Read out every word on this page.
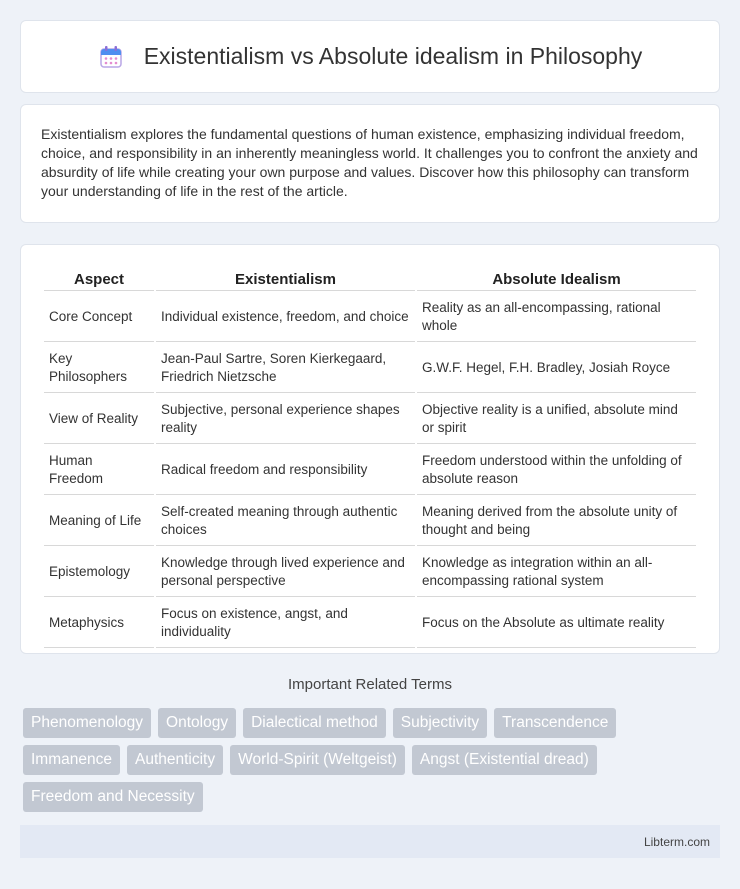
Existentialism vs Absolute idealism in Philosophy

Existentialism explores the fundamental questions of human existence, emphasizing individual freedom, choice, and responsibility in an inherently meaningless world. It challenges you to confront the anxiety and absurdity of life while creating your own purpose and values. Discover how this philosophy can transform your understanding of life in the rest of the article.

Aspect	Existentialism	Absolute Idealism
Core Concept	Individual existence, freedom, and choice	Reality as an all-encompassing, rational whole
Key Philosophers	Jean-Paul Sartre, Soren Kierkegaard, Friedrich Nietzsche	G.W.F. Hegel, F.H. Bradley, Josiah Royce
View of Reality	Subjective, personal experience shapes reality	Objective reality is a unified, absolute mind or spirit
Human Freedom	Radical freedom and responsibility	Freedom understood within the unfolding of absolute reason
Meaning of Life	Self-created meaning through authentic choices	Meaning derived from the absolute unity of thought and being
Epistemology	Knowledge through lived experience and personal perspective	Knowledge as integration within an all-encompassing rational system
Metaphysics	Focus on existence, angst, and individuality	Focus on the Absolute as ultimate reality
Important Related Terms
Phenomenology	Ontology	Dialectical method	Subjectivity	Transcendence
Immanence	Authenticity	World-Spirit (Weltgeist)	Angst (Existential dread)
Freedom and Necessity
Libterm.com
